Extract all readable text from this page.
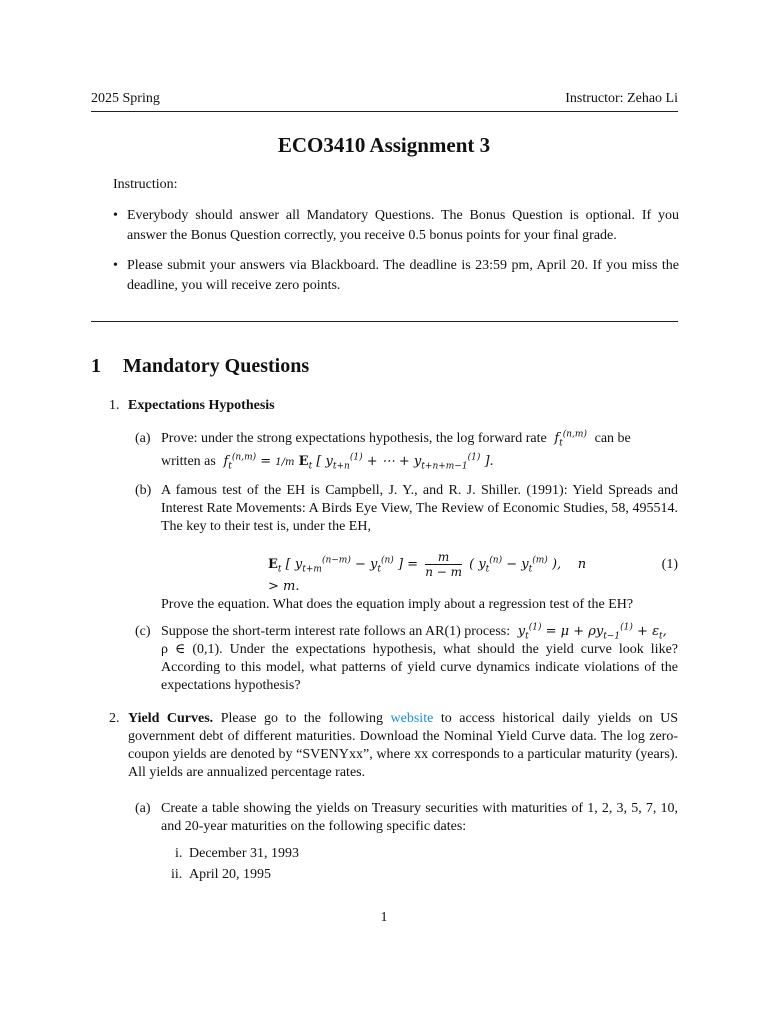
2025 Spring	Instructor: Zehao Li
ECO3410 Assignment 3
Instruction:
• Everybody should answer all Mandatory Questions. The Bonus Question is optional. If you answer the Bonus Question correctly, you receive 0.5 bonus points for your final grade.
• Please submit your answers via Blackboard. The deadline is 23:59 pm, April 20. If you miss the deadline, you will receive zero points.
1 Mandatory Questions
1. Expectations Hypothesis
(a) Prove: under the strong expectations hypothesis, the log forward rate  $f_t^{(n,m)}$ can be
written as  $f_t^{(n,m)} = 1/m$ $E_t$ [ $y_{t+n}^{(1)}$ + ⋯ + $y_{t+n+m-1}^{(1)}$ ].
(b) A famous test of the EH is Campbell, J. Y., and R. J. Shiller. (1991): Yield Spreads and Interest Rate Movements: A Birds Eye View, The Review of Economic Studies, 58, 495514. The key to their test is, under the EH,
$E_t$ [ $y_{t+m}^{(n-m)} - y_t^{(n)}$ ] = $\frac{m}{n - m}$ ( $y_t^{(n)} - y_t^{(m)}$ ),    n > m.
(1)
Prove the equation. What does the equation imply about a regression test of the EH?
(c) Suppose the short-term interest rate follows an AR(1) process:  $y_t^{(1)} = \mu + \rho y_{t-1}^{(1)} + \varepsilon_t$,
ρ ∈ (0,1). Under the expectations hypothesis, what should the yield curve look like? According to this model, what patterns of yield curve dynamics indicate violations of the expectations hypothesis?
2. Yield Curves. Please go to the following website to access historical daily yields on US government debt of different maturities. Download the Nominal Yield Curve data. The log zero-coupon yields are denoted by “SVENYxx”, where xx corresponds to a particular maturity (years). All yields are annualized percentage rates.
(a) Create a table showing the yields on Treasury securities with maturities of 1, 2, 3, 5, 7, 10, and 20-year maturities on the following specific dates:
i. December 31, 1993
ii. April 20, 1995
1
